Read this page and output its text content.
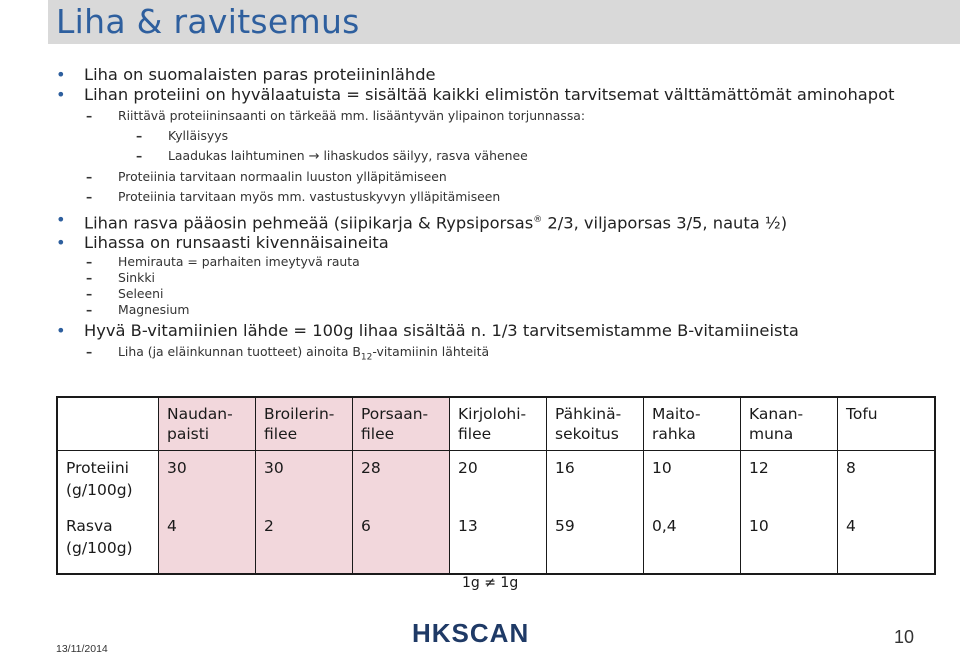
Liha & ravitsemus
• Liha on suomalaisten paras proteiininlähde
• Lihan proteiini on hyvälaatuista = sisältää kaikki elimistön tarvitsemat välttämättömät aminohapot
– Riittävä proteiininsaanti on tärkeää mm. lisääntyvän ylipainon torjunnassa:
– Kylläisyys
– Laadukas laihtuminen → lihaskudos säilyy, rasva vähenee
– Proteiinia tarvitaan normaalin luuston ylläpitämiseen
– Proteiinia tarvitaan myös mm. vastustuskyvyn ylläpitämiseen
• Lihan rasva pääosin pehmeää (siipikarja & Rypsiporsas® 2/3, viljaporsas 3/5, nauta ½)
• Lihassa on runsaasti kivennäisaineita
– Hemirauta = parhaiten imeytyvä rauta
– Sinkki
– Seleeni
– Magnesium
• Hyvä B-vitamiinien lähde = 100g lihaa sisältää n. 1/3 tarvitsemistamme B-vitamiineista
– Liha (ja eläinkunnan tuotteet) ainoita $B_{12}$-vitamiinin lähteitä
	Naudan-
paisti	Broilerin-
filee	Porsaan-
filee	Kirjolohi-
filee	Pähkinä-
sekoitus	Maito-
rahka	Kanan-
muna	Tofu

Proteiini
(g/100g)	30	30	28	20	16	10	12	8
Rasva
(g/100g)	4	2	6	13	59	0,4	10	4
1g ≠ 1g
13/11/2014
HKSCAN	10
